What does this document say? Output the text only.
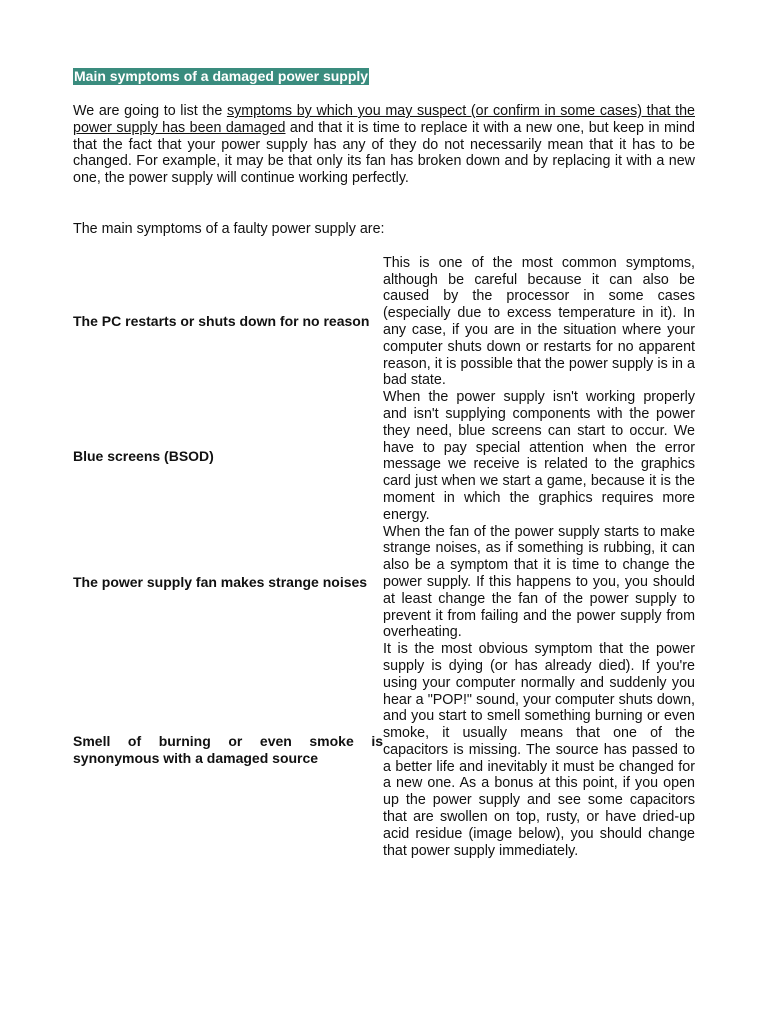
Main symptoms of a damaged power supply

We are going to list the symptoms by which you may suspect (or confirm in some cases) that the power supply has been damaged and that it is time to replace it with a new one, but keep in mind that the fact that your power supply has any of they do not necessarily mean that it has to be changed. For example, it may be that only its fan has broken down and by replacing it with a new one, the power supply will continue working perfectly.

The main symptoms of a faulty power supply are:

The PC restarts or shuts down for no reason
This is one of the most common symptoms, although be careful because it can also be caused by the processor in some cases (especially due to excess temperature in it). In any case, if you are in the situation where your computer shuts down or restarts for no apparent reason, it is possible that the power supply is in a bad state.
Blue screens (BSOD)
When the power supply isn't working properly and isn't supplying components with the power they need, blue screens can start to occur. We have to pay special attention when the error message we receive is related to the graphics card just when we start a game, because it is the moment in which the graphics requires more energy.
The power supply fan makes strange noises
When the fan of the power supply starts to make strange noises, as if something is rubbing, it can also be a symptom that it is time to change the power supply. If this happens to you, you should at least change the fan of the power supply to prevent it from failing and the power supply from overheating.
Smell of burning or even smoke is synonymous with a damaged source
It is the most obvious symptom that the power supply is dying (or has already died). If you're using your computer normally and suddenly you hear a "POP!" sound, your computer shuts down, and you start to smell something burning or even smoke, it usually means that one of the capacitors is missing. The source has passed to a better life and inevitably it must be changed for a new one. As a bonus at this point, if you open up the power supply and see some capacitors that are swollen on top, rusty, or have dried-up acid residue (image below), you should change that power supply immediately.
